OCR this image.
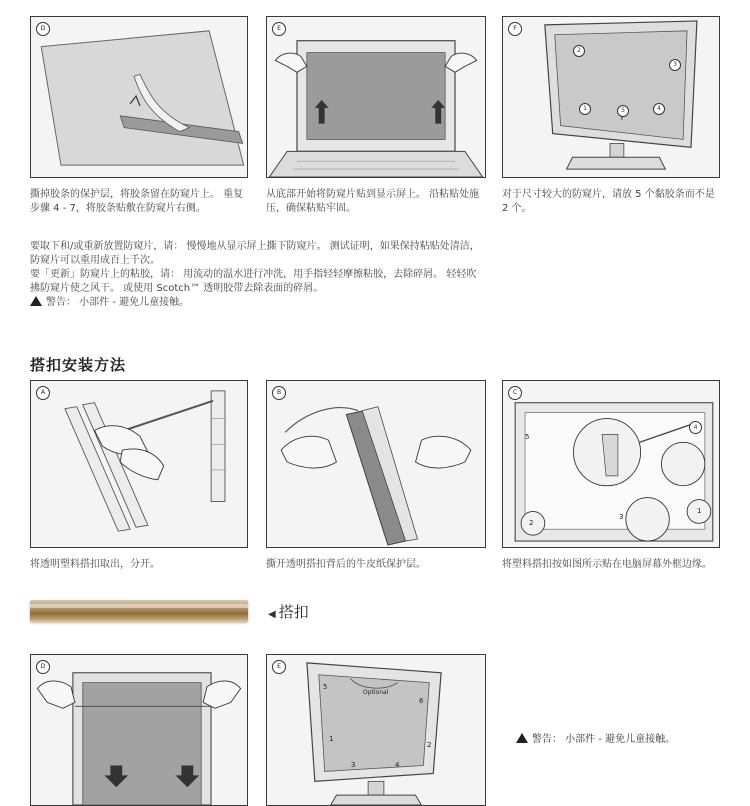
D
撕掉胶条的保护层，将胶条留在防窥片上。 重复步骤 4 - 7，将胶条贴敷在防窥片右侧。
E
从底部开始将防窥片贴到显示屏上。 沿粘贴处施压，确保粘贴牢固。
F
2
3
1	5	4
对于尺寸较大的防窥片，请放 5 个黏胶条而不是 2 个。

要取下和/或重新放置防窥片，请： 慢慢地从显示屏上撕下防窥片。 测试证明，如果保持粘贴处清洁，

防窥片可以重用成百上千次。

要「更新」防窥片上的粘胶，请： 用流动的温水进行冲洗，用手指轻轻摩擦粘胶，去除碎屑。 轻轻吹

拂防窥片使之风干。 或使用 Scotch™ 透明胶带去除表面的碎屑。

警告： 小部件 - 避免儿童接触。

搭扣安装方法
A
将透明塑料搭扣取出，分开。
B
撕开透明搭扣背后的牛皮纸保护层。
C
5
4
3
2
1
将塑料搭扣按如图所示贴在电脑屏幕外框边缘。
◀ 搭扣
D	E
5
6
Optional
1
2
3	4
警告： 小部件 - 避免儿童接触。
